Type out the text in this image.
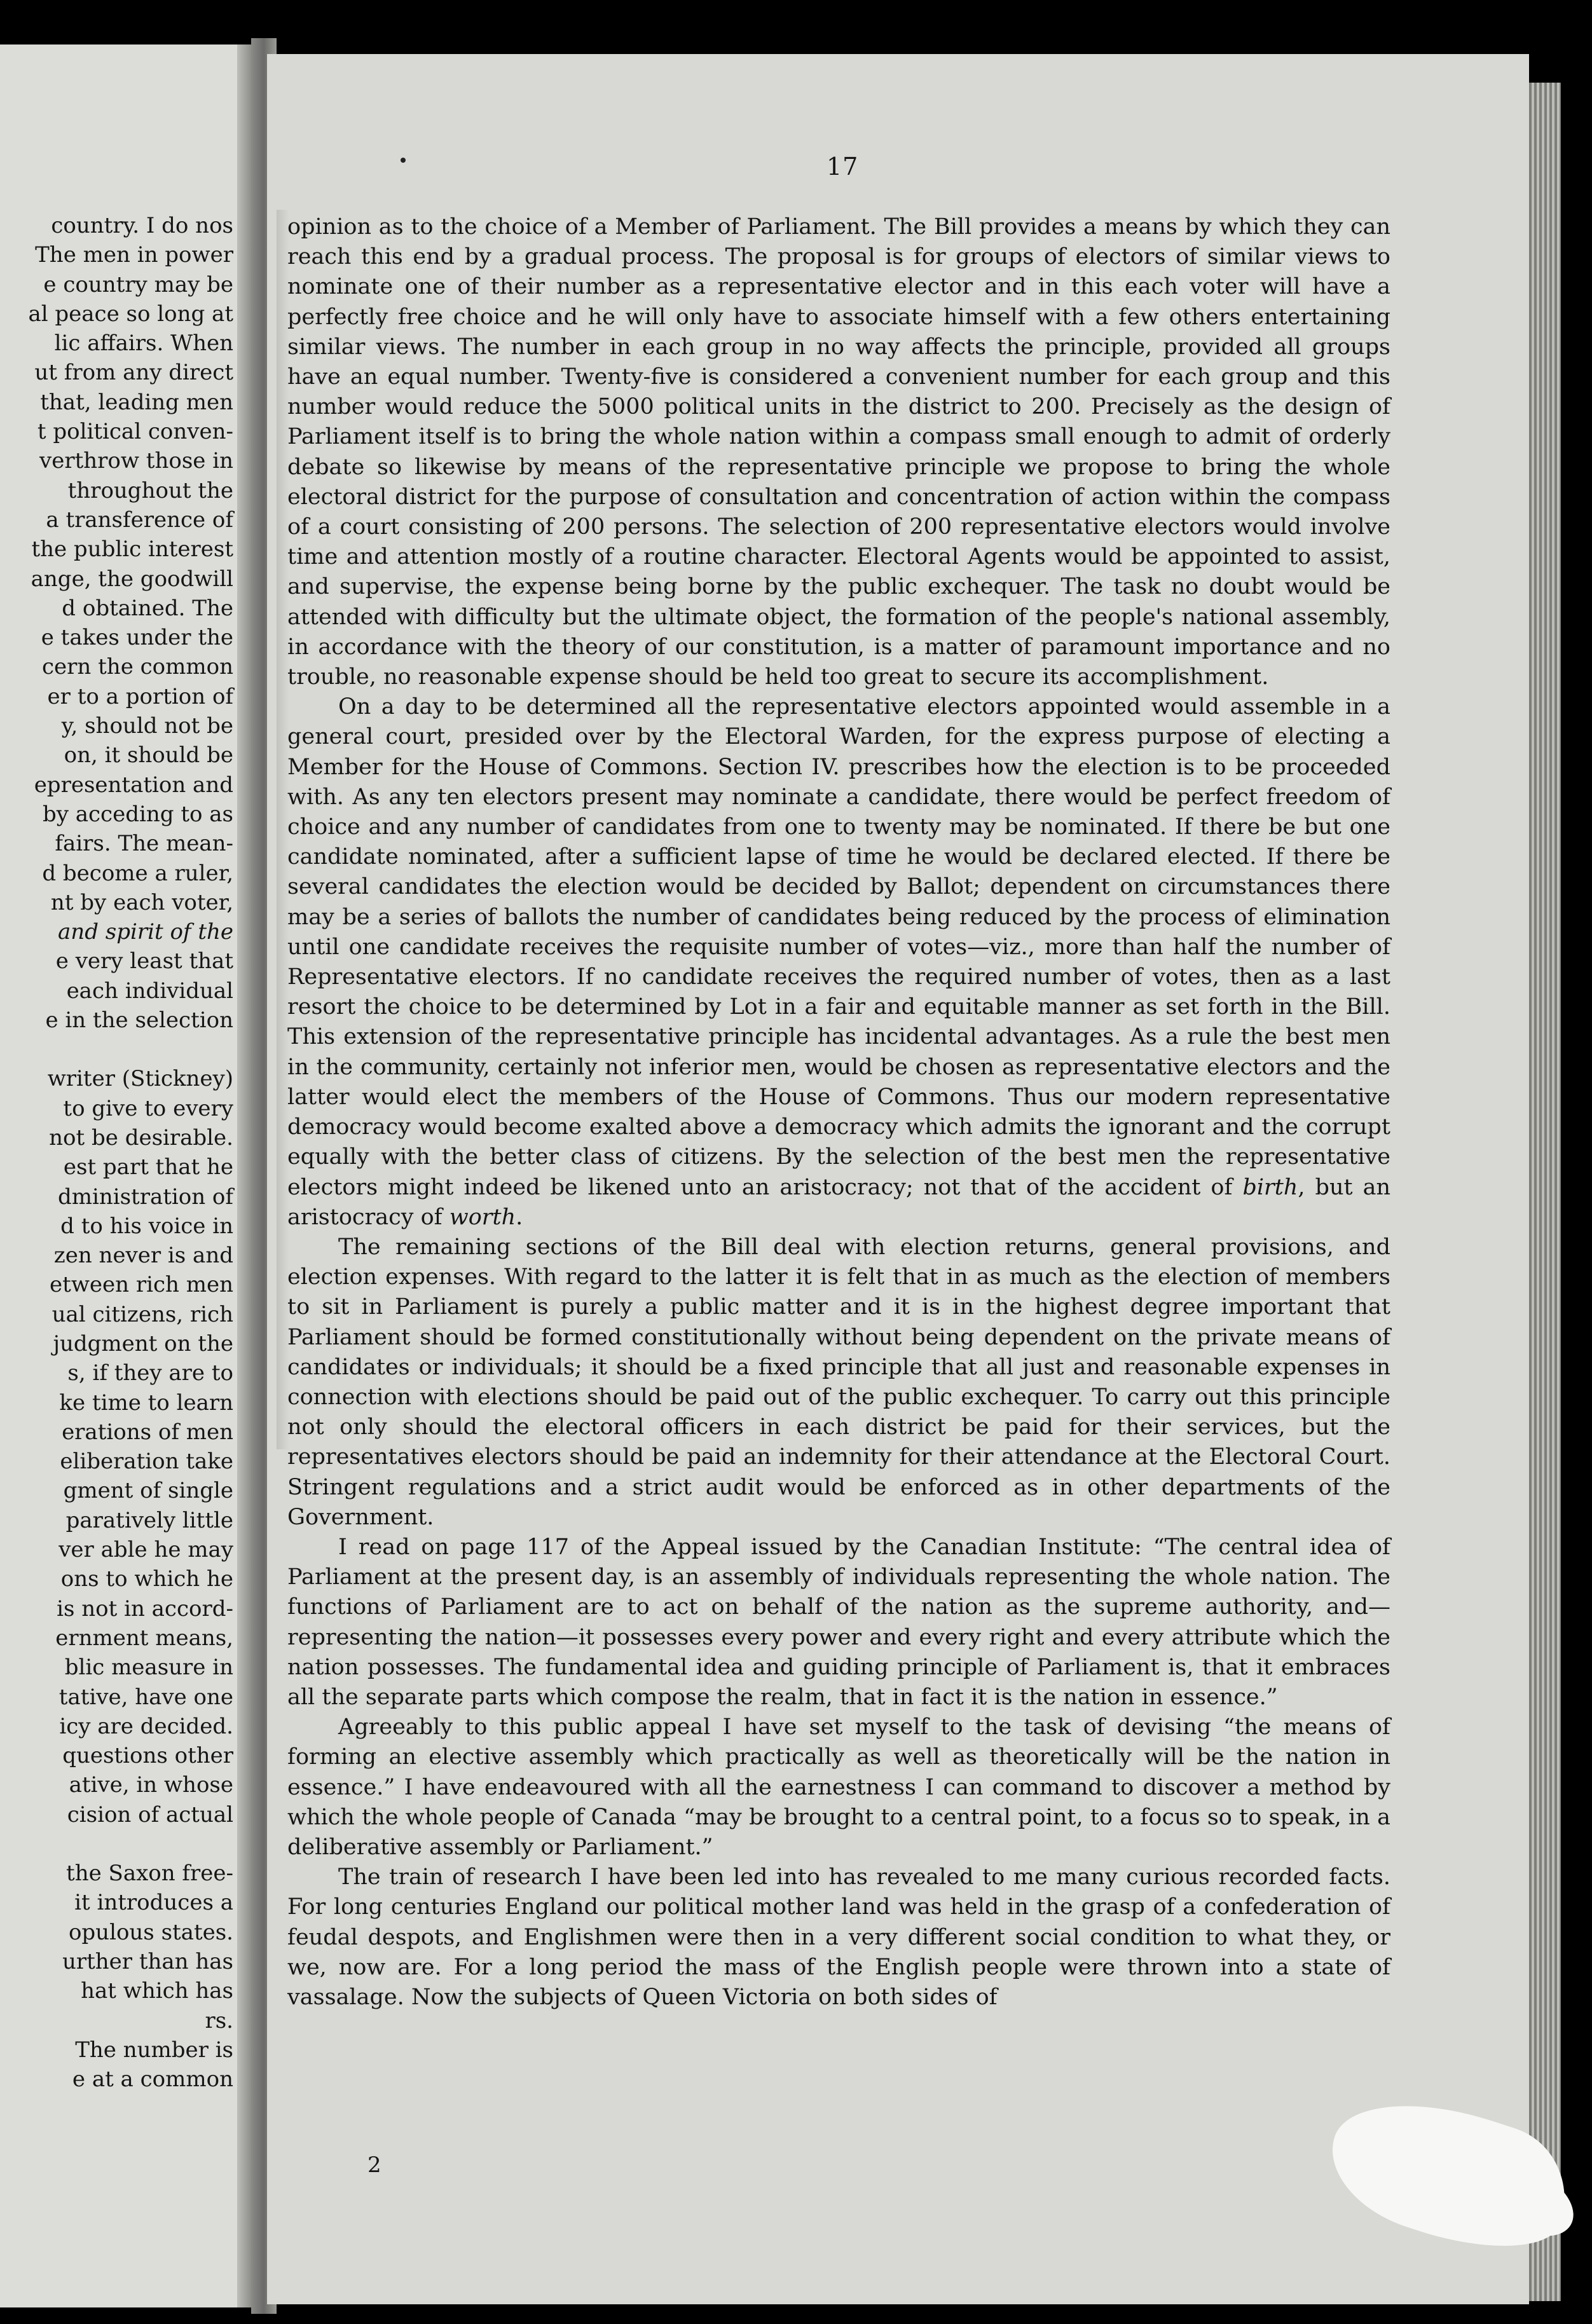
country. I do nos
The men in power
e country may be
al peace so long at
lic affairs. When
ut from any direct
that, leading men
t political conven-
verthrow those in
throughout the
a transference of
the public interest
ange, the goodwill
d obtained. The
e takes under the
cern the common
er to a portion of
y, should not be
on, it should be
epresentation and
by acceding to as
fairs. The mean-
d become a ruler,
nt by each voter,
and spirit of the
e very least that
each individual
e in the selection
writer (Stickney)
to give to every
not be desirable.
est part that he
dministration of
d to his voice in
zen never is and
etween rich men
ual citizens, rich
judgment on the
s, if they are to
ke time to learn
erations of men
eliberation take
gment of single
paratively little
ver able he may
ons to which he
is not in accord-
ernment means,
blic measure in
tative, have one
icy are decided.
questions other
ative, in whose
cision of actual
the Saxon free-
it introduces a
opulous states.
urther than has
hat which has
rs.
The number is
e at a common
17

opinion as to the choice of a Member of Parliament. The Bill provides a means by which they can reach this end by a gradual process. The proposal is for groups of electors of similar views to nominate one of their number as a representative elector and in this each voter will have a perfectly free choice and he will only have to associate himself with a few others entertaining similar views. The number in each group in no way affects the principle, provided all groups have an equal number. Twenty-five is considered a convenient number for each group and this number would reduce the 5000 political units in the district to 200. Precisely as the design of Parliament itself is to bring the whole nation within a compass small enough to admit of orderly debate so likewise by means of the representative principle we propose to bring the whole electoral district for the purpose of consultation and concentration of action within the compass of a court consisting of 200 persons. The selection of 200 representative electors would involve time and attention mostly of a routine character. Electoral Agents would be appointed to assist, and supervise, the expense being borne by the public exchequer. The task no doubt would be attended with difficulty but the ultimate object, the formation of the people's national assembly, in accordance with the theory of our constitution, is a matter of paramount importance and no trouble, no reasonable expense should be held too great to secure its accomplishment.

On a day to be determined all the representative electors appointed would assemble in a general court, presided over by the Electoral Warden, for the express purpose of electing a Member for the House of Commons. Section IV. prescribes how the election is to be proceeded with. As any ten electors present may nominate a candidate, there would be perfect freedom of choice and any number of candidates from one to twenty may be nominated. If there be but one candidate nominated, after a sufficient lapse of time he would be declared elected. If there be several candidates the election would be decided by Ballot; dependent on circumstances there may be a series of ballots the number of candidates being reduced by the process of elimination until one candidate receives the requisite number of votes—viz., more than half the number of Representative electors. If no candidate receives the required number of votes, then as a last resort the choice to be determined by Lot in a fair and equitable manner as set forth in the Bill. This extension of the representative principle has incidental advantages. As a rule the best men in the community, certainly not inferior men, would be chosen as representative electors and the latter would elect the members of the House of Commons. Thus our modern representative democracy would become exalted above a democracy which admits the ignorant and the corrupt equally with the better class of citizens. By the selection of the best men the representative electors might indeed be likened unto an aristocracy; not that of the accident of birth, but an aristocracy of worth.

The remaining sections of the Bill deal with election returns, general provisions, and election expenses. With regard to the latter it is felt that in as much as the election of members to sit in Parliament is purely a public matter and it is in the highest degree important that Parliament should be formed constitutionally without being dependent on the private means of candidates or individuals; it should be a fixed principle that all just and reasonable expenses in connection with elections should be paid out of the public exchequer. To carry out this principle not only should the electoral officers in each district be paid for their services, but the representatives electors should be paid an indemnity for their attendance at the Electoral Court. Stringent regulations and a strict audit would be enforced as in other departments of the Government.

I read on page 117 of the Appeal issued by the Canadian Institute: “The central idea of Parliament at the present day, is an assembly of individuals representing the whole nation. The functions of Parliament are to act on behalf of the nation as the supreme authority, and—representing the nation—it possesses every power and every right and every attribute which the nation possesses. The fundamental idea and guiding principle of Parliament is, that it embraces all the separate parts which compose the realm, that in fact it is the nation in essence.”

Agreeably to this public appeal I have set myself to the task of devising “the means of forming an elective assembly which practically as well as theoretically will be the nation in essence.” I have endeavoured with all the earnestness I can command to discover a method by which the whole people of Canada “may be brought to a central point, to a focus so to speak, in a deliberative assembly or Parliament.”

The train of research I have been led into has revealed to me many curious recorded facts. For long centuries England our political mother land was held in the grasp of a confederation of feudal despots, and Englishmen were then in a very different social condition to what they, or we, now are. For a long period the mass of the English people were thrown into a state of vassalage. Now the subjects of Queen Victoria on both sides of

2
